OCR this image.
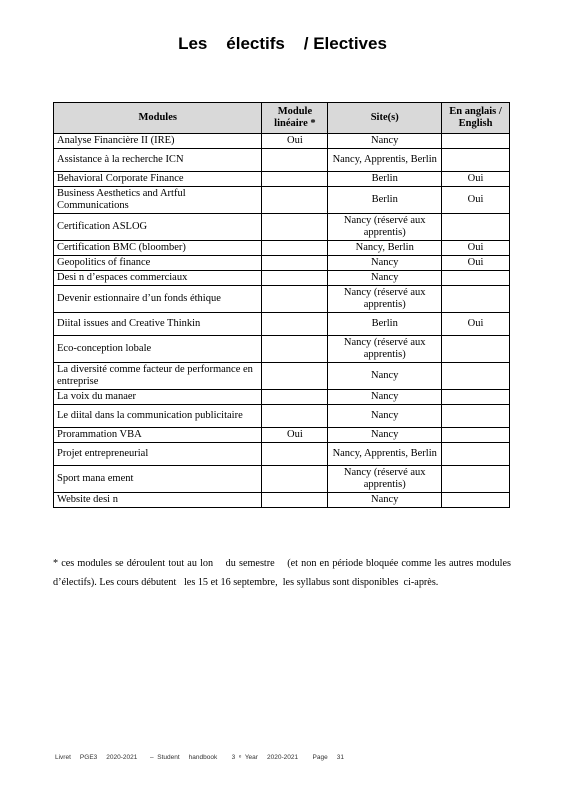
Les    électifs    / Electives
Modules	Module linéaire *	Site(s)	En anglais / English
Analyse Financière II (IRE)	Oui	Nancy	
Assistance à la recherche ICN		Nancy, Apprentis, Berlin	
Behavioral Corporate Finance		Berlin	Oui
Business Aesthetics and Artful Communications		Berlin	Oui
Certification ASLOG		Nancy (réservé aux apprentis)	
Certification BMC (bloomber)		Nancy, Berlin	Oui
Geopolitics of finance		Nancy	Oui
Desi n d’espaces commerciaux		Nancy	
Devenir estionnaire d’un fonds éthique		Nancy (réservé aux apprentis)	
Diital issues and Creative Thinkin		Berlin	Oui
Eco-conception lobale		Nancy (réservé aux apprentis)	
La diversité comme facteur de performance en entreprise		Nancy	
La voix du manaer		Nancy	
Le diital dans la communication publicitaire		Nancy	
Prorammation VBA	Oui	Nancy	
Projet entrepreneurial		Nancy, Apprentis, Berlin	
Sport mana ement		Nancy (réservé aux apprentis)	
Website desi n		Nancy	
* ces modules se déroulent tout au lon    du semestre    (et non en période bloquée comme les autres modules d’électifs). Les cours débutent   les 15 et 16 septembre,  les syllabus sont disponibles  ci-après.
Livret     PGE3     2020-2021       –  Student     handbook        3  ᵉ  Year     2020-2021        Page     31
